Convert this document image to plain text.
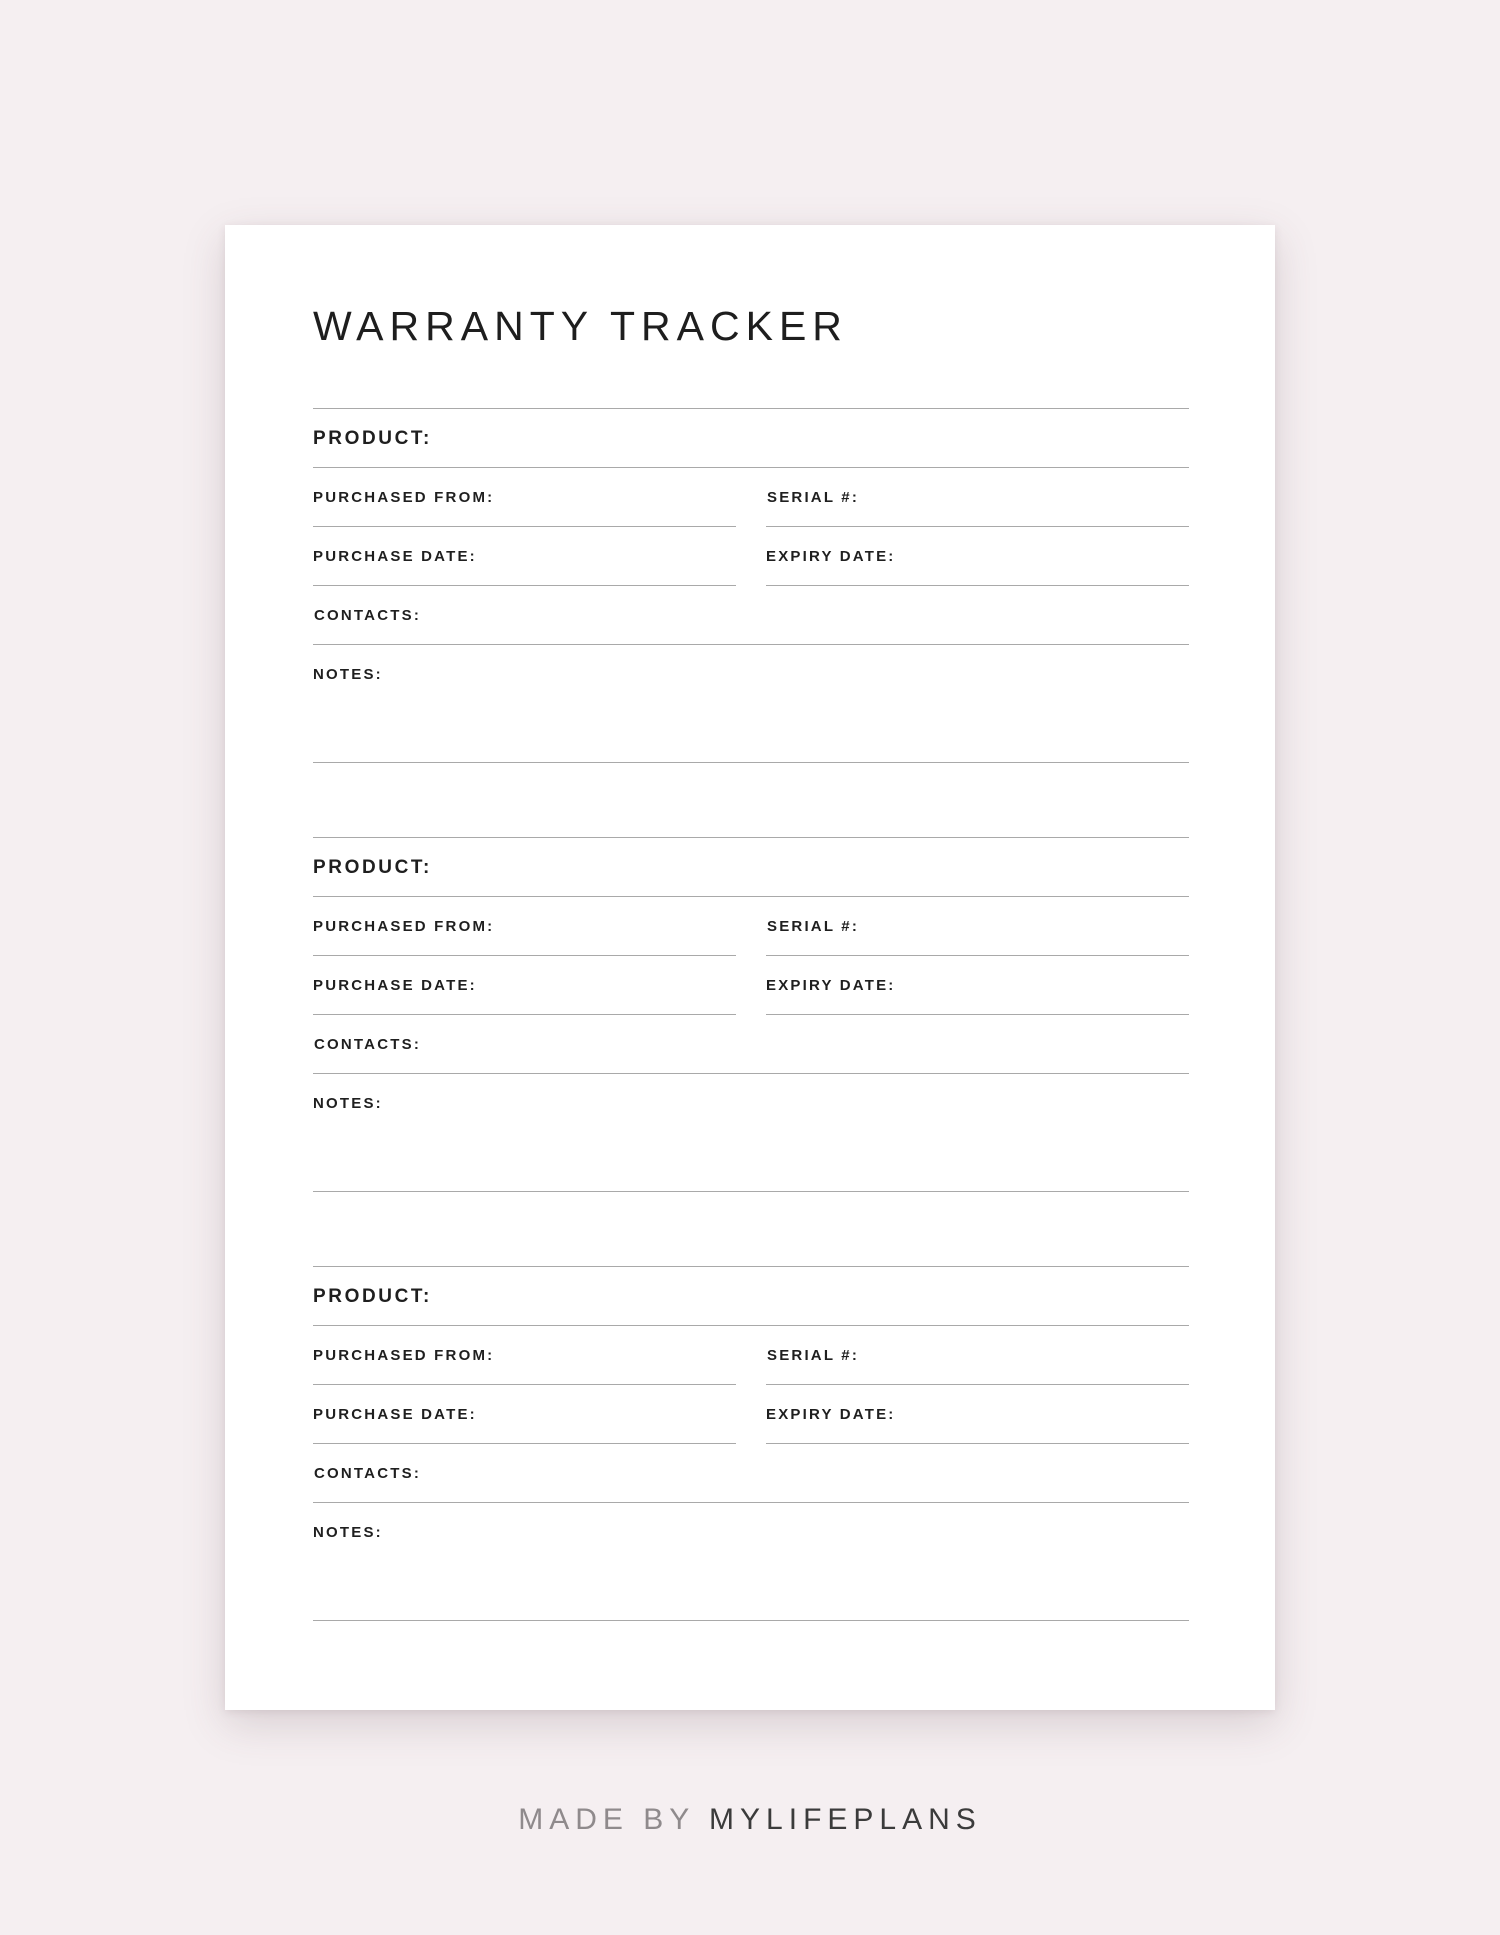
WARRANTY TRACKER
PRODUCT:
PURCHASED FROM:	SERIAL #:
PURCHASE DATE:	EXPIRY DATE:
CONTACTS:
NOTES:
PRODUCT:
PURCHASED FROM:	SERIAL #:
PURCHASE DATE:	EXPIRY DATE:
CONTACTS:
NOTES:
PRODUCT:
PURCHASED FROM:	SERIAL #:
PURCHASE DATE:	EXPIRY DATE:
CONTACTS:
NOTES:
MADE BY MYLIFEPLANS
